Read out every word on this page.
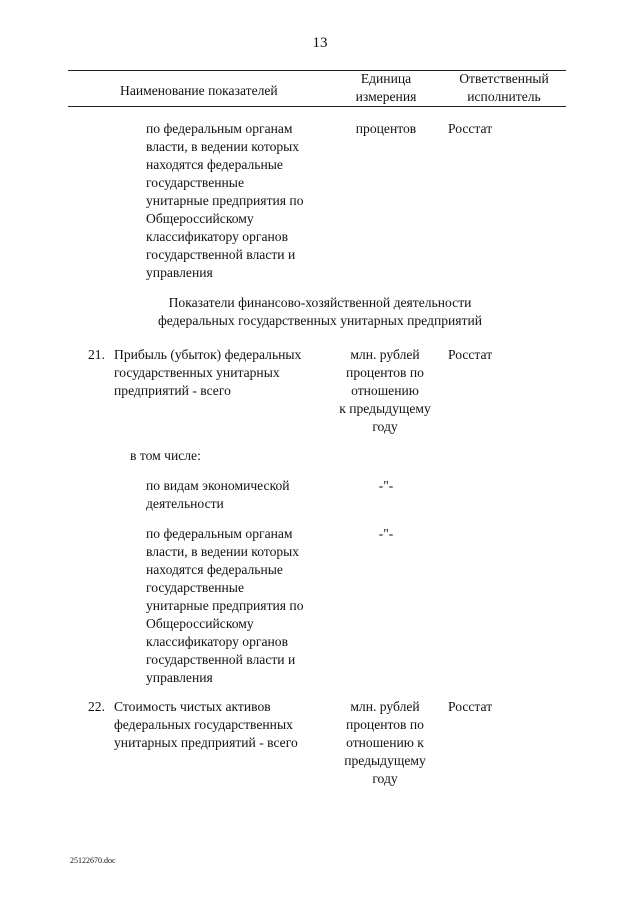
13
Наименование показателей
Единица
измерения
Ответственный
исполнитель
по федеральным органам
власти, в ведении которых
находятся федеральные
государственные
унитарные предприятия по
Общероссийскому
классификатору органов
государственной власти и
управления
процентов	Росстат
Показатели финансово-хозяйственной деятельности
федеральных государственных унитарных предприятий
21. Прибыль (убыток) федеральных
государственных унитарных
предприятий - всего
млн. рублей
процентов по
отношению
к предыдущему
году
Росстат
в том числе:
по видам экономической
деятельности
-"-
по федеральным органам
власти, в ведении которых
находятся федеральные
государственные
унитарные предприятия по
Общероссийскому
классификатору органов
государственной власти и
управления
-"-
22. Стоимость чистых активов
федеральных государственных
унитарных предприятий - всего
млн. рублей
процентов по
отношению к
предыдущему
году
Росстат
25122670.doc
